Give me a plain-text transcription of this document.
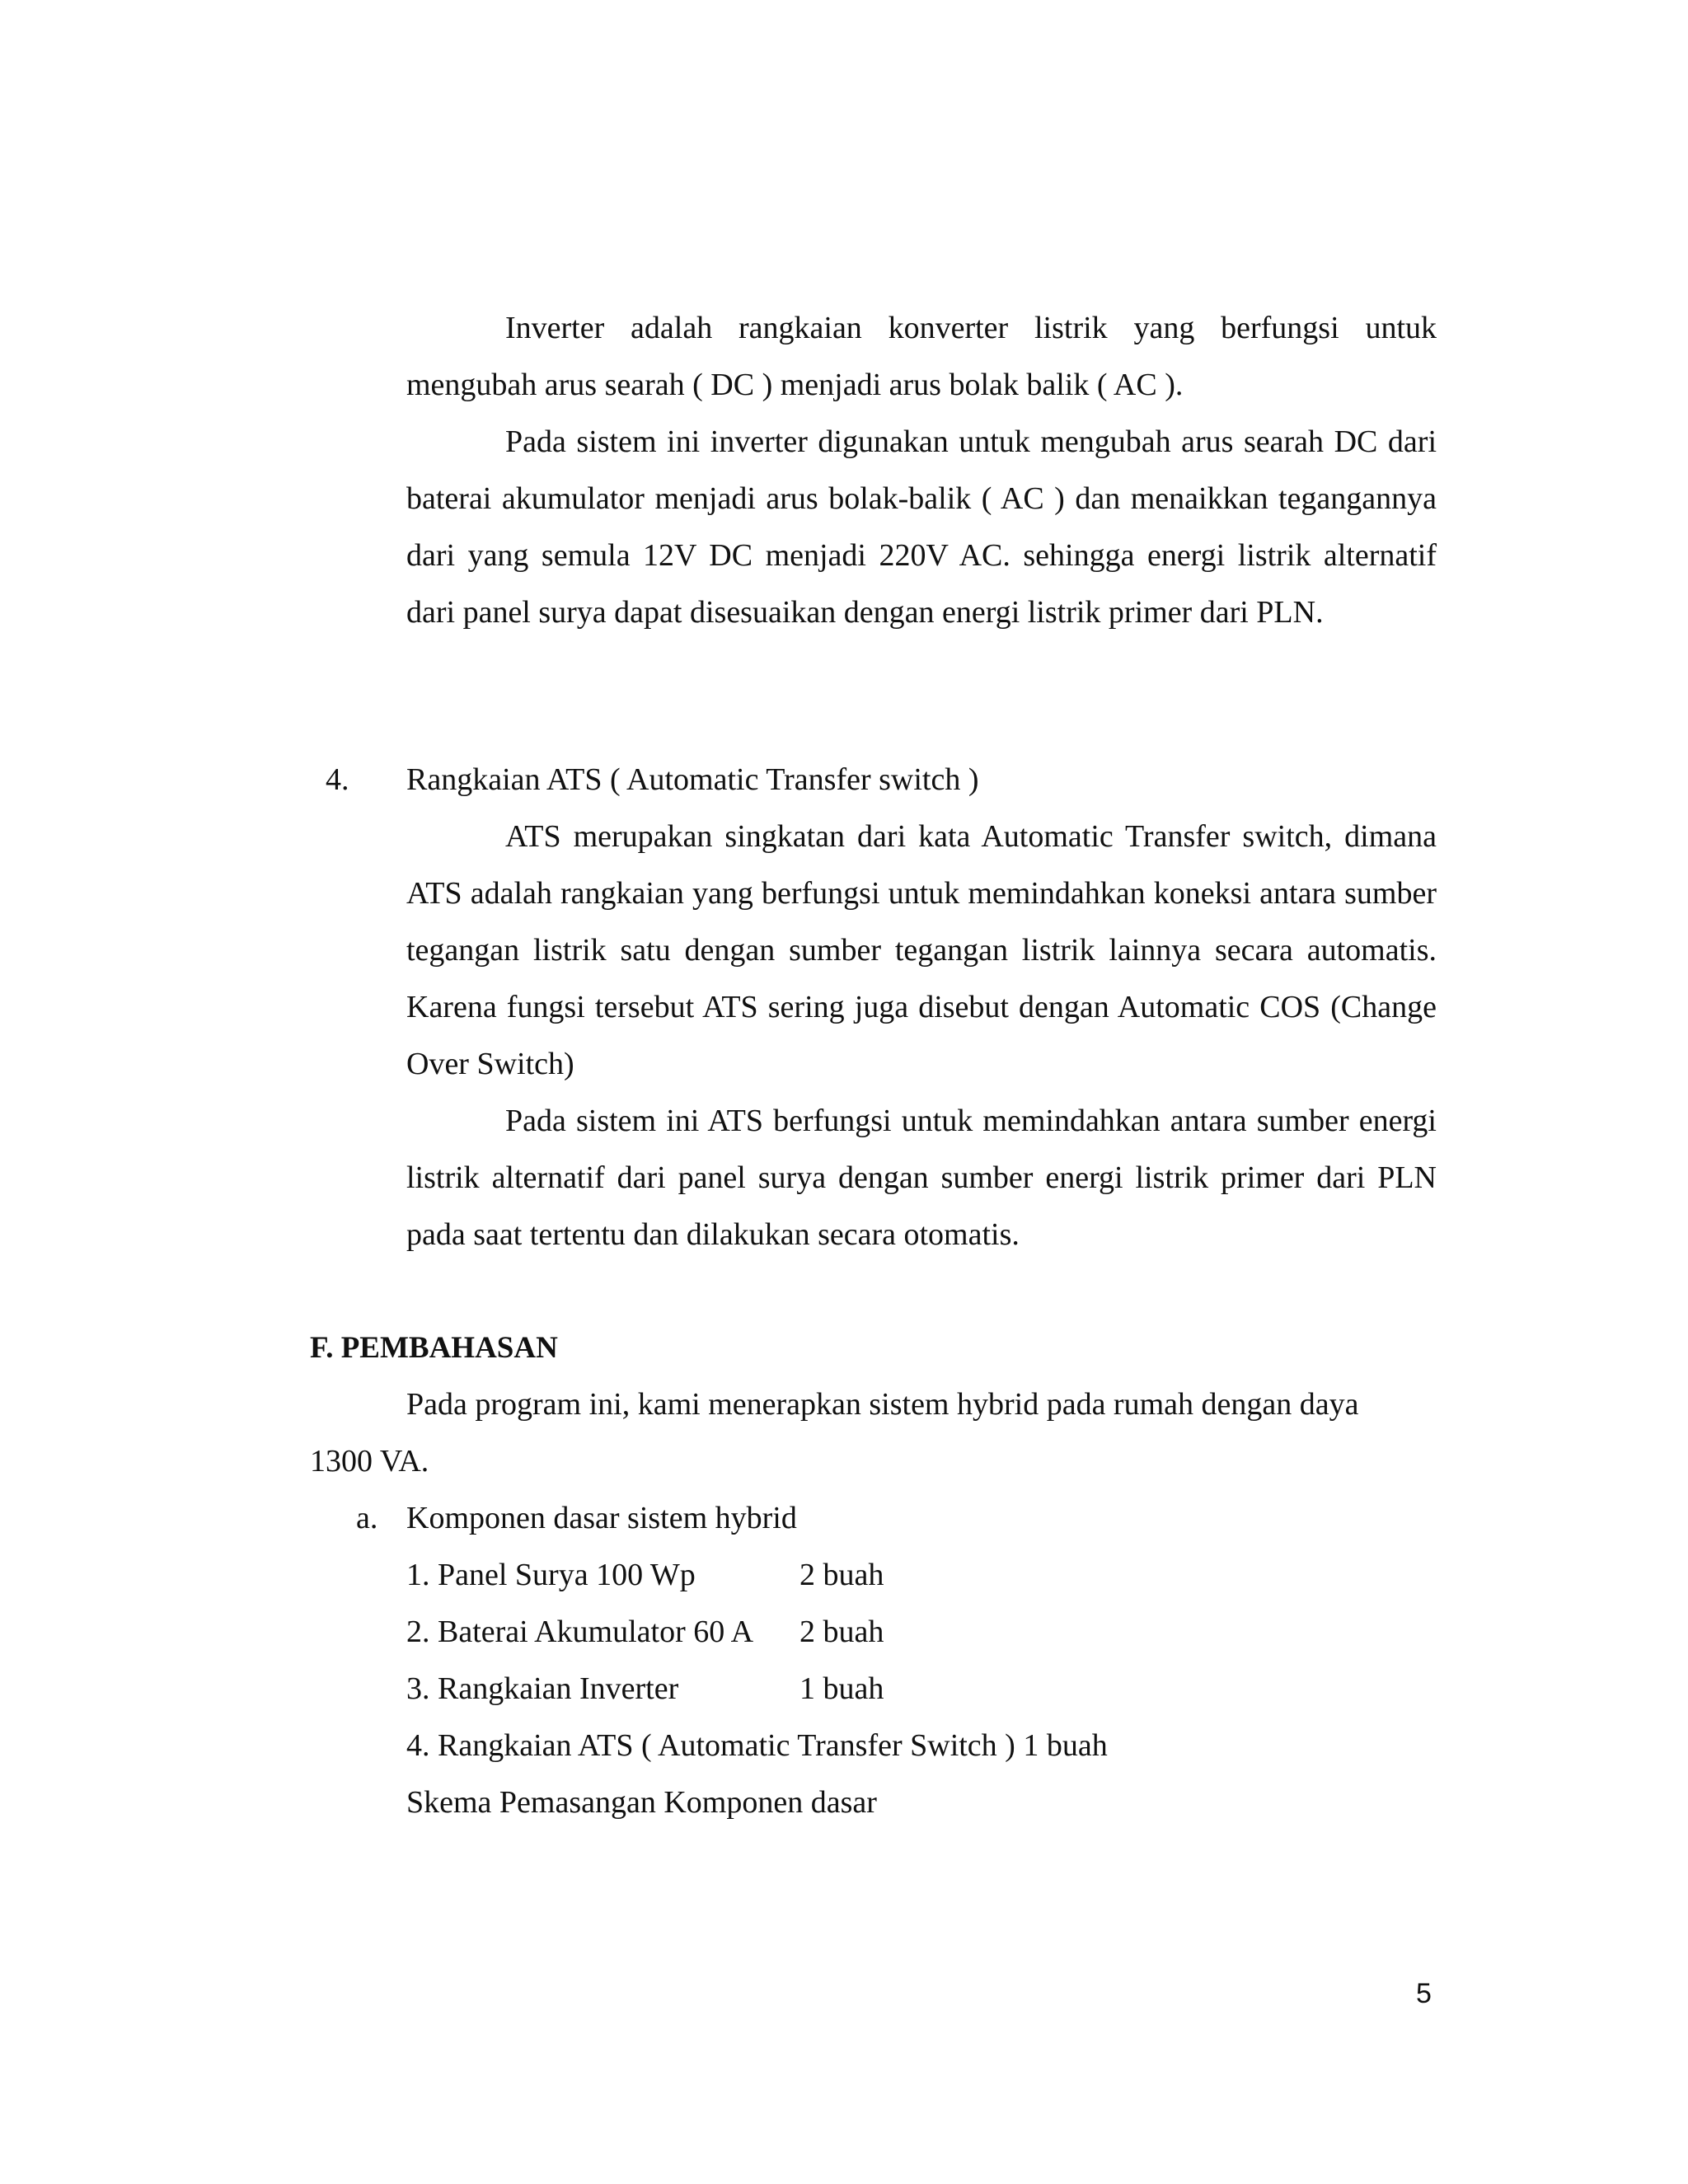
Inverter adalah rangkaian konverter listrik yang berfungsi untuk mengubah arus searah ( DC ) menjadi arus bolak balik ( AC ).

Pada sistem ini inverter digunakan untuk mengubah arus searah DC dari baterai akumulator menjadi arus bolak-balik ( AC ) dan menaikkan tegangannya dari yang semula 12V DC menjadi 220V AC. sehingga energi listrik alternatif dari panel surya dapat disesuaikan dengan energi listrik primer dari PLN.

4. Rangkaian ATS ( Automatic Transfer switch )

ATS merupakan singkatan dari kata Automatic Transfer switch, dimana ATS adalah rangkaian yang berfungsi untuk memindahkan koneksi antara sumber tegangan listrik satu dengan sumber tegangan listrik lainnya secara automatis. Karena fungsi tersebut ATS sering juga disebut dengan Automatic COS (Change Over Switch)

Pada sistem ini ATS berfungsi untuk memindahkan antara sumber energi listrik alternatif dari panel surya dengan sumber energi listrik primer dari PLN pada saat tertentu dan dilakukan secara otomatis.

F. PEMBAHASAN

Pada program ini, kami menerapkan sistem hybrid pada rumah dengan daya

1300 VA.
a. Komponen dasar sistem hybrid
1. Panel Surya 100 Wp	2 buah
2. Baterai Akumulator 60 A 2 buah
3. Rangkaian Inverter	1 buah
4. Rangkaian ATS ( Automatic Transfer Switch ) 1 buah
Skema Pemasangan Komponen dasar
5
